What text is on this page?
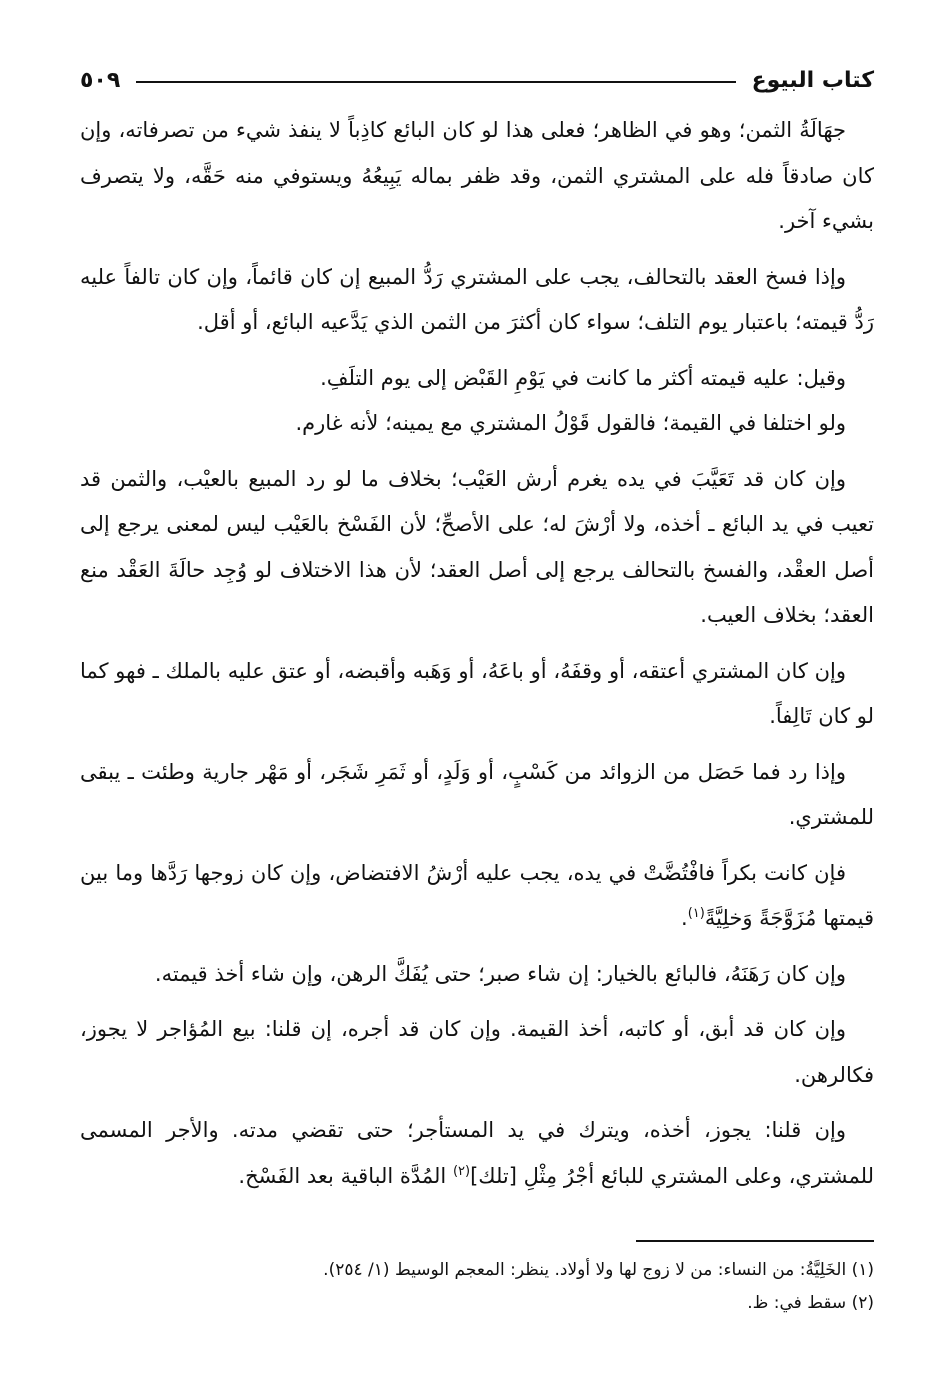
كتاب البيوع
٥٠٩

جهَالَةُ الثمن؛ وهو في الظاهر؛ فعلى هذا لو كان البائع كاذِباً لا ينفذ شيء من تصرفاته، وإن كان صادقاً فله على المشتري الثمن، وقد ظفر بماله يَبِيعُهُ ويستوفي منه حَقَّه، ولا يتصرف بشيء آخر.

وإذا فسخ العقد بالتحالف، يجب على المشتري رَدُّ المبيع إن كان قائماً، وإن كان تالفاً عليه رَدُّ قيمته؛ باعتبار يوم التلف؛ سواء كان أكثرَ من الثمن الذي يَدَّعيه البائع، أو أقل.

وقيل: عليه قيمته أكثر ما كانت في يَوْمِ القَبْض إلى يوم التلَفِ.

ولو اختلفا في القيمة؛ فالقول قَوْلُ المشتري مع يمينه؛ لأنه غارم.

وإن كان قد تَعَيَّبَ في يده يغرم أرش العَيْب؛ بخلاف ما لو رد المبيع بالعيْب، والثمن قد تعيب في يد البائع ـ أخذه، ولا أرْشَ له؛ على الأصحِّ؛ لأن الفَسْخ بالعَيْب ليس لمعنى يرجع إلى أصل العقْد، والفسخ بالتحالف يرجع إلى أصل العقد؛ لأن هذا الاختلاف لو وُجِد حالَةَ العَقْد منع العقد؛ بخلاف العيب.

وإن كان المشتري أعتقه، أو وقفَهُ، أو باعَهُ، أو وَهَبه وأقبضه، أو عتق عليه بالملك ـ فهو كما لو كان تَالِفاً.

وإذا رد فما حَصَل من الزوائد من كَسْبٍ، أو وَلَدٍ، أو ثَمَرِ شَجَر، أو مَهْر جارية وطئت ـ يبقى للمشتري.

فإن كانت بكراً فافْتُضَّتْ في يده، يجب عليه أرْشُ الافتضاض، وإن كان زوجها رَدَّها وما بين قيمتها مُزَوَّجَةً وَخلِيَّةً$^{(١)}$.

وإن كان رَهَنَهُ، فالبائع بالخيار: إن شاء صبر؛ حتى يُفَكَّ الرهن، وإن شاء أخذ قيمته.

وإن كان قد أبق، أو كاتبه، أخذ القيمة. وإن كان قد أجره، إن قلنا: بيع المُؤاجر لا يجوز، فكالرهن.

وإن قلنا: يجوز، أخذه، ويترك في يد المستأجر؛ حتى تقضي مدته. والأجر المسمى للمشتري، وعلى المشتري للبائع أجْرُ مِثْلِ [تلك]$^{(٢)}$ المُدَّة الباقية بعد الفَسْخ.

(١) الخَلِيَّةُ: من النساء: من لا زوج لها ولا أولاد. ينظر: المعجم الوسيط (١/ ٢٥٤).

(٢) سقط في: ظ.
